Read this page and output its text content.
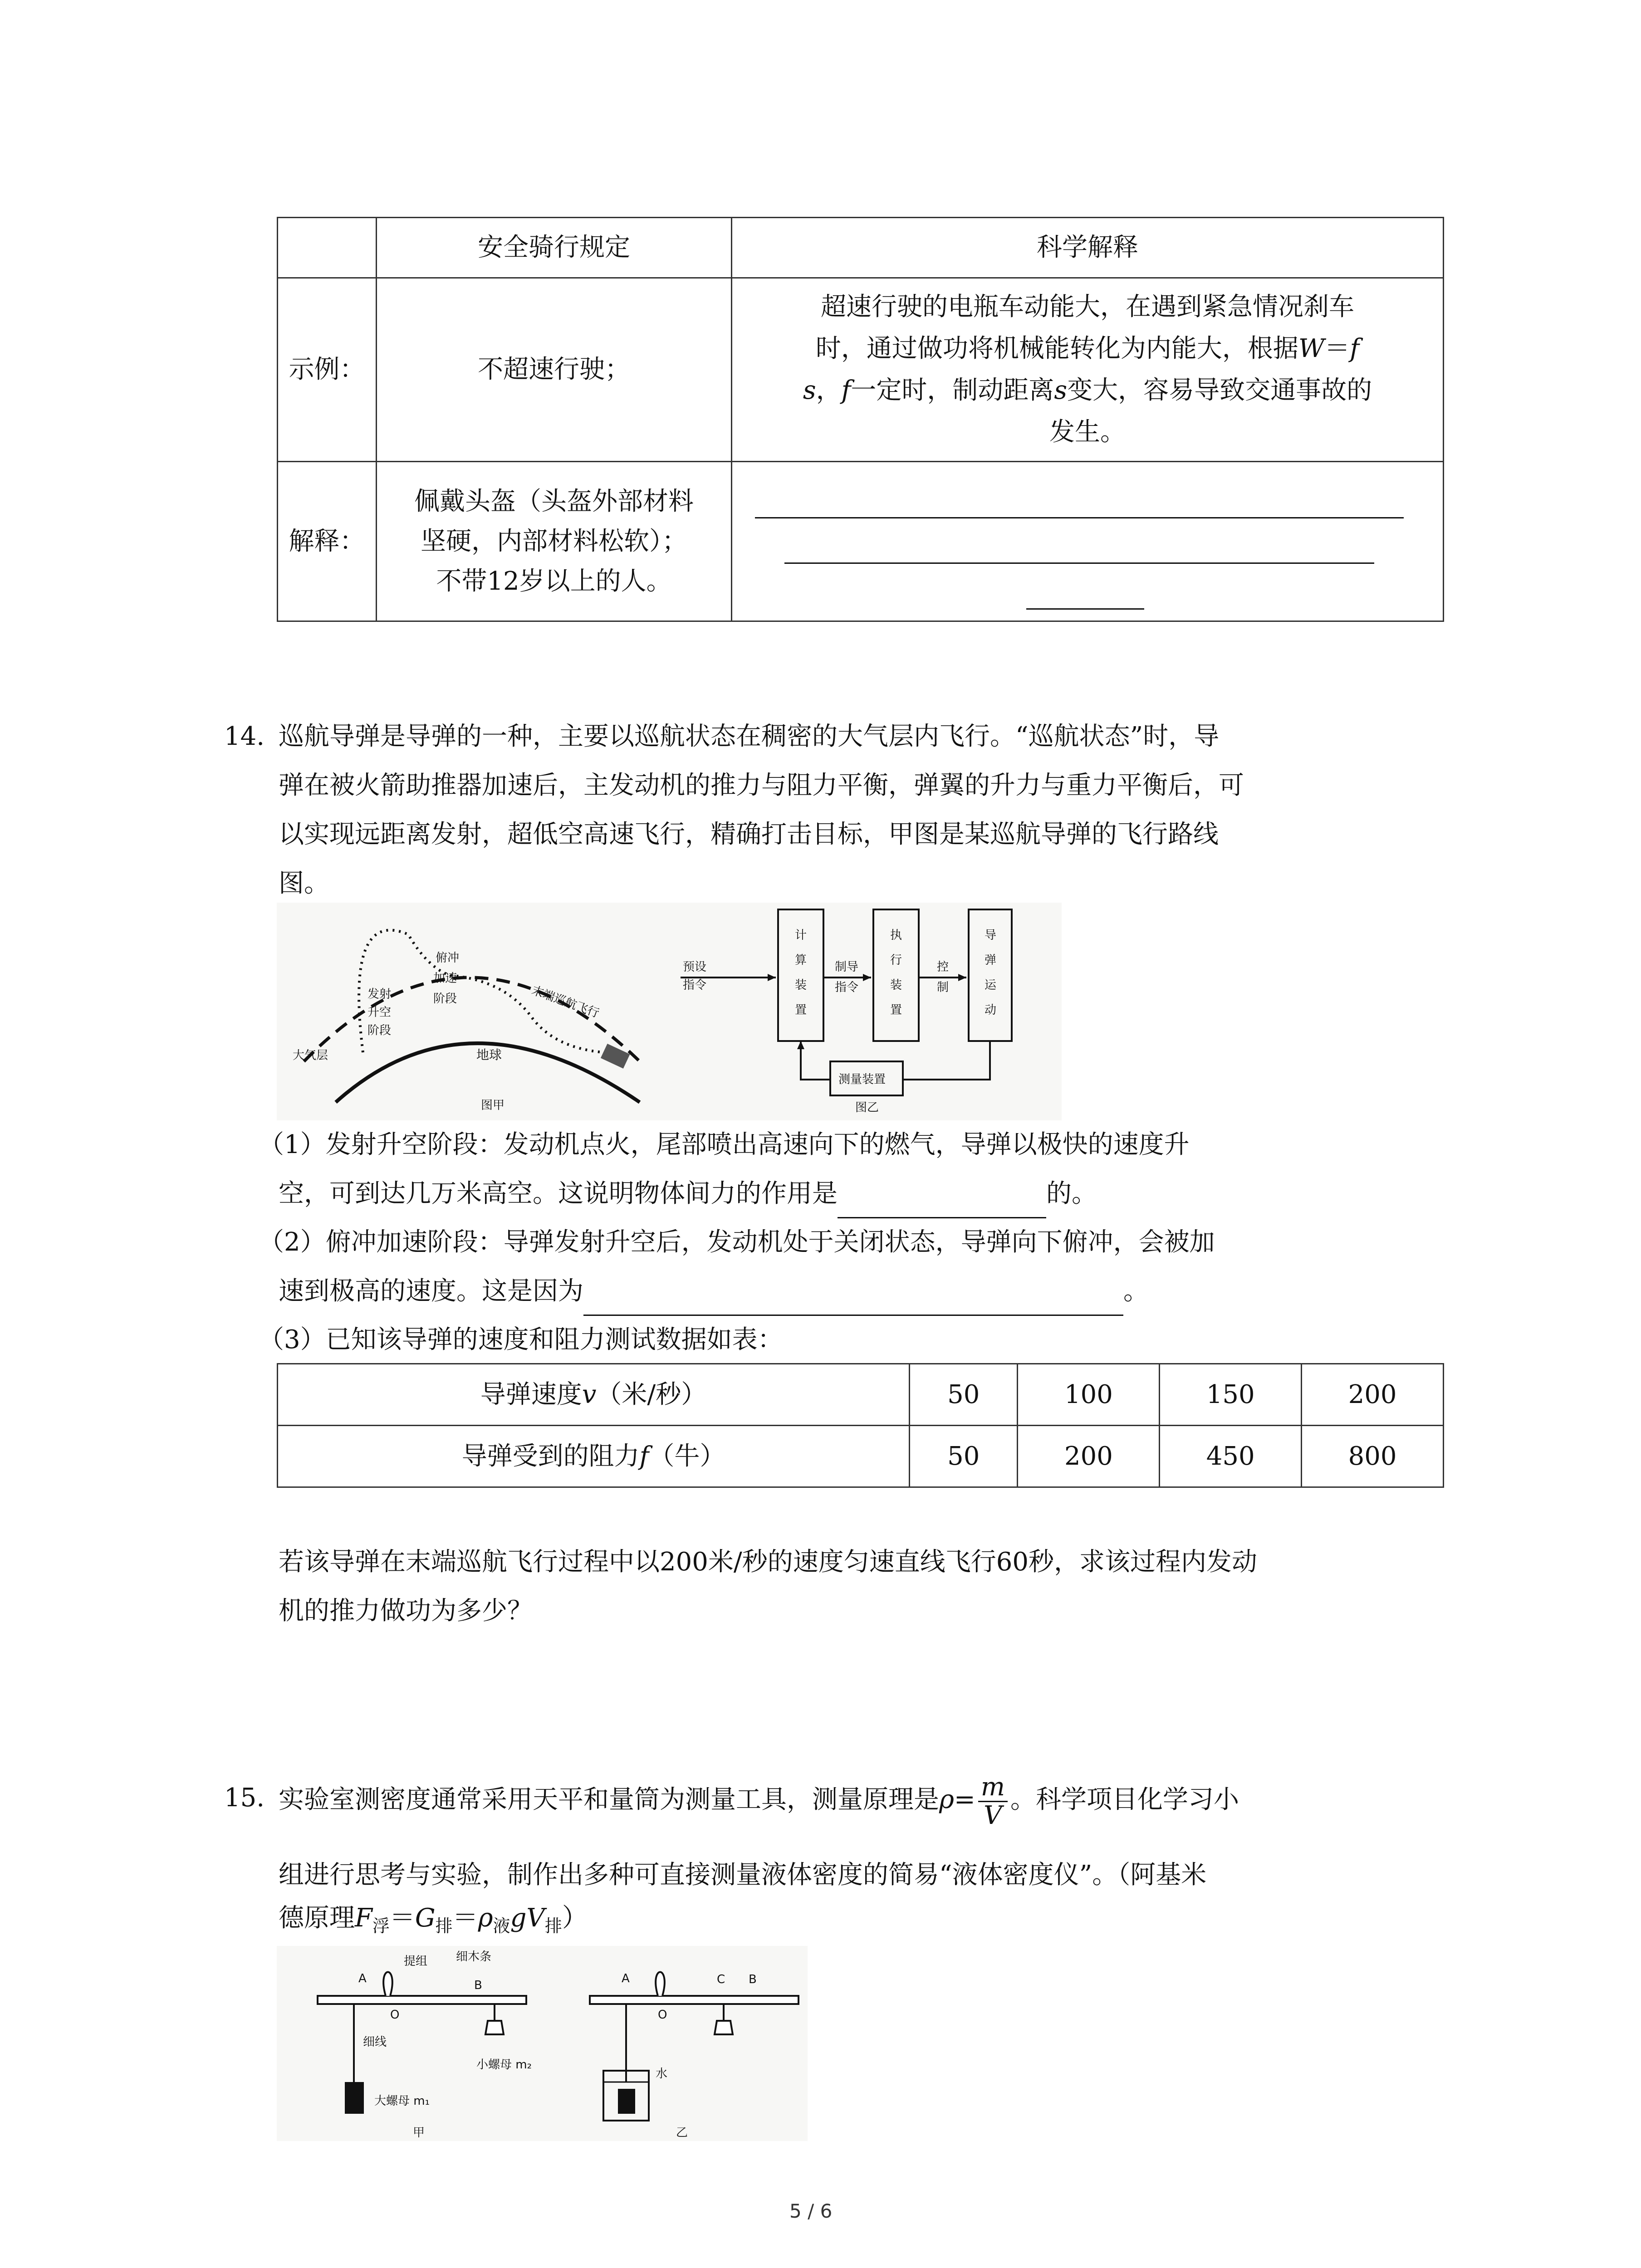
	安全骑行规定	科学解释
示例：	不超速行驶；	超速行驶的电瓶车动能大，在遇到紧急情况刹车
时，通过做功将机械能转化为内能大，根据W＝f
s，f一定时，制动距离s变大，容易导致交通事故的
发生。
解释：	佩戴头盔（头盔外部材料
坚硬，内部材料松软）；
不带12岁以上的人。	
14. 巡航导弹是导弹的一种，主要以巡航状态在稠密的大气层内飞行。“巡航状态”时，导
弹在被火箭助推器加速后，主发动机的推力与阻力平衡，弹翼的升力与重力平衡后，可
以实现远距离发射，超低空高速飞行，精确打击目标，甲图是某巡航导弹的飞行路线
图。
发射
升空
阶段
俯冲
加速
阶段	末端巡航飞行
大气层	地球
图甲
预设
指令
计
算
装
置
制导
指令
执
行
装
置
控
制
导
弹
运
动
测量装置
图乙
（1）发射升空阶段：发动机点火，尾部喷出高速向下的燃气，导弹以极快的速度升
空，可到达几万米高空。这说明物体间力的作用是	的。
（2）俯冲加速阶段：导弹发射升空后，发动机处于关闭状态，导弹向下俯冲，会被加
速到极高的速度。这是因为	。
（3）已知该导弹的速度和阻力测试数据如表：
导弹速度v（米/秒）	50	100	150	200
导弹受到的阻力f（牛）	50	200	450	800
若该导弹在末端巡航飞行过程中以200米/秒的速度匀速直线飞行60秒，求该过程内发动
机的推力做功为多少？
15. 实验室测密度通常采用天平和量筒为测量工具，测量原理是$\rho= \frac{m}{V}$ 。科学项目化学习小
组进行思考与实验，制作出多种可直接测量液体密度的简易“液体密度仪”。（阿基米
德原理$F_浮=G_排=\rho_液gV_排$）
A
提组 细木条
B
O
细线
大螺母 m₁
小螺母 m₂
甲
A	C B
O
水
乙
5 / 6
